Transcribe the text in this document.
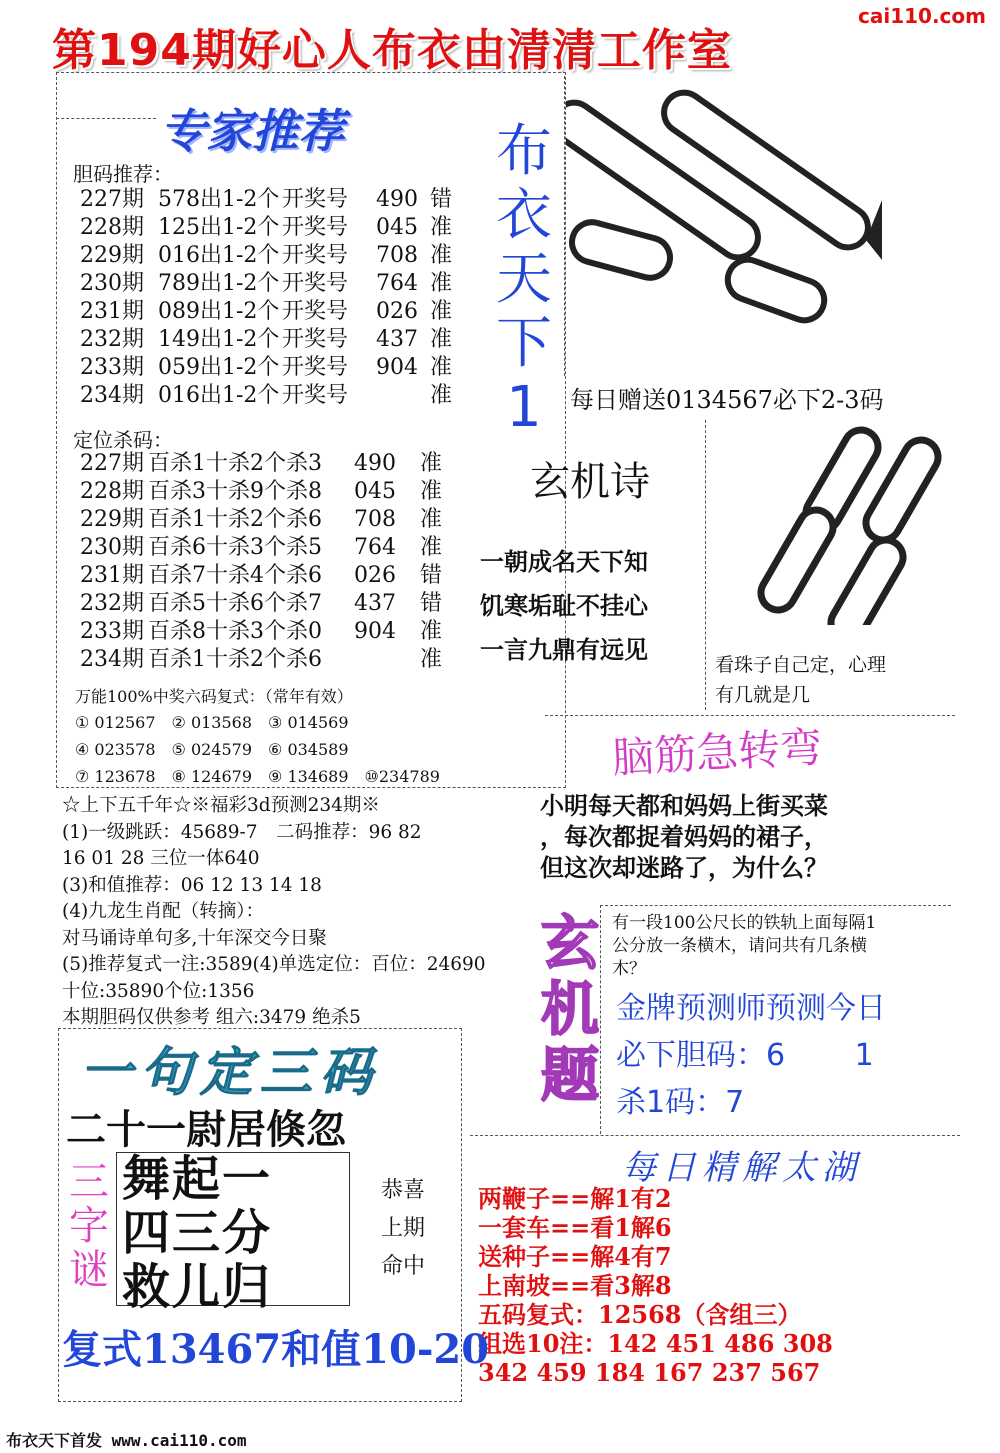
第194期好心人布衣由清清工作室
cai110.com
专家推荐
胆码推荐：
227期 578出1-2个 开奖号 490 错
228期 125出1-2个 开奖号 045 准
229期 016出1-2个 开奖号 708 准
230期 789出1-2个 开奖号 764 准
231期 089出1-2个 开奖号 026 准
232期 149出1-2个 开奖号 437 准
233期 059出1-2个 开奖号 904 准
234期 016出1-2个 开奖号	准
定位杀码：
227期 百杀1十杀2个杀3 490 准
228期 百杀3十杀9个杀8 045 准
229期 百杀1十杀2个杀6 708 准
230期 百杀6十杀3个杀5 764 准
231期 百杀7十杀4个杀6 026 错
232期 百杀5十杀6个杀7 437 错
233期 百杀8十杀3个杀0 904 准
234期 百杀1十杀2个杀6	准
万能100%中奖六码复式：（常年有效）
① 012567　② 013568　③ 014569
④ 023578　⑤ 024579　⑥ 034589
⑦ 123678　⑧ 124679　⑨ 134689　⑩234789
☆上下五千年☆※福彩3d预测234期※
(1)一级跳跃：45689-7　二码推荐：96 82
16 01 28 三位一体640
(3)和值推荐：06 12 13 14 18
(4)九龙生肖配（转摘）：
对马诵诗单句多,十年深交今日聚
(5)推荐复式一注:3589(4)单选定位：百位：24690
十位:35890个位:1356
本期胆码仅供参考 组六:3479 绝杀5
布
衣
天
下
1	每日赠送0134567必下2-3码
玄机诗
一朝成名天下知
饥寒垢耻不挂心
一言九鼎有远见
看珠子自己定，心理
有几就是几
脑筋急转弯
小明每天都和妈妈上街买菜
，每次都捉着妈妈的裙子，
但这次却迷路了，为什么？
玄
机
题
有一段100公尺长的铁轨上面每隔1
公分放一条横木，请问共有几条横
木？
金牌预测师预测今日
必下胆码：6　　 1
杀1码：7
每日精解太湖
两鞭子==解1有2
一套车==看1解6
送种子==解4有7
上南坡==看3解8
五码复式：12568（含组三）
组选10注：142 451 486 308
342 459 184 167 237 567
一句定三码
二十一尉居倏忽
三
字
谜
舞起一
四三分
救儿归
恭喜
上期
命中
复式13467和值10-20
布衣天下首发 www.cai110.com
